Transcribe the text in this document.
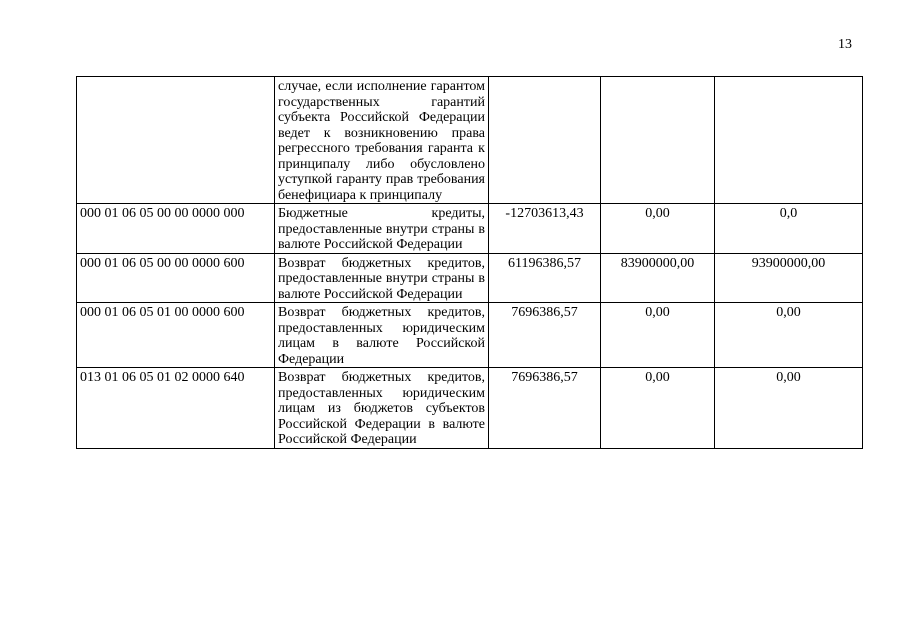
13
	случае, если исполнение гарантом государственных гарантий субъекта Российской Федерации ведет к возникновению права регрессного требования гаранта к принципалу либо обусловлено уступкой гаранту прав требования бенефициара к принципалу			
000 01 06 05 00 00 0000 000	Бюджетные кредиты, предоставленные внутри страны в валюте Российской Федерации	-12703613,43	0,00	0,0
000 01 06 05 00 00 0000 600	Возврат бюджетных кредитов, предоставленные внутри страны в валюте Российской Федерации	61196386,57	83900000,00	93900000,00
000 01 06 05 01 00 0000 600	Возврат бюджетных кредитов, предоставленных юридическим лицам в валюте Российской Федерации	7696386,57	0,00	0,00
013 01 06 05 01 02 0000 640	Возврат бюджетных кредитов, предоставленных юридическим лицам из бюджетов субъектов Российской Федерации в валюте Российской Федерации	7696386,57	0,00	0,00
